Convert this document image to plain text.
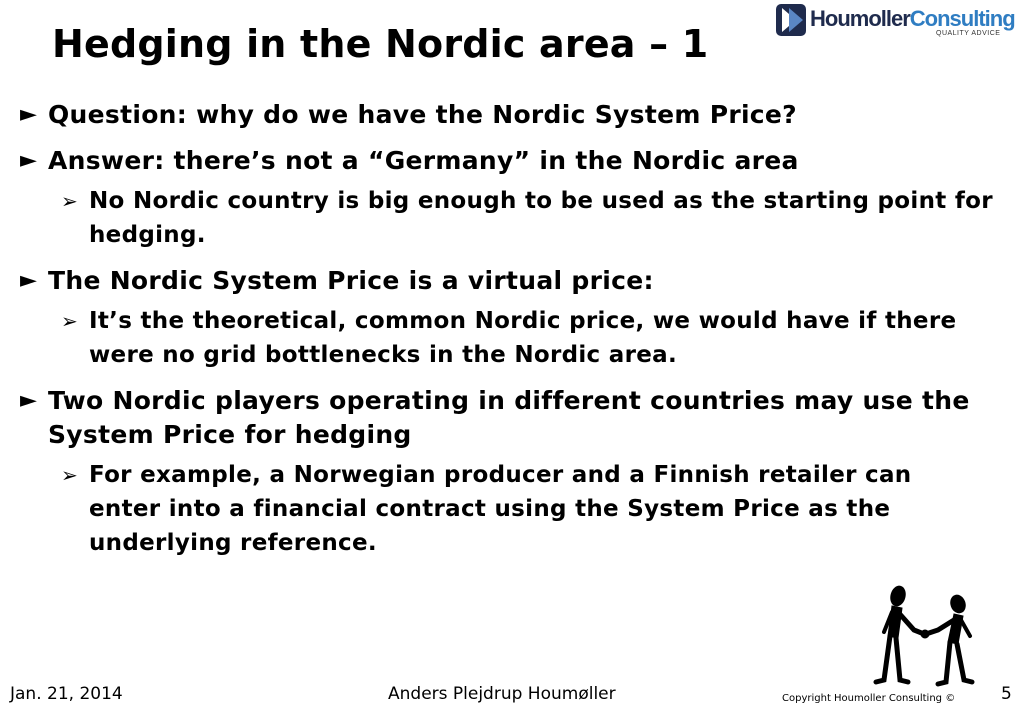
Hedging in the Nordic area – 1
HoumollerConsulting
QUALITY ADVICE
► Question: why do we have the Nordic System Price?
► Answer: there’s not a “Germany” in the Nordic area
➢ No Nordic country is big enough to be used as the starting point for hedging.
► The Nordic System Price is a virtual price:
➢ It’s the theoretical, common Nordic price, we would have if there were no grid bottlenecks in the Nordic area.
► Two Nordic players operating in different countries may use the System Price for hedging
➢ For example, a Norwegian producer and a Finnish retailer can enter into a financial contract using the System Price as the underlying reference.
Jan. 21, 2014	Anders Plejdrup Houmøller	Copyright Houmoller Consulting ©	5
